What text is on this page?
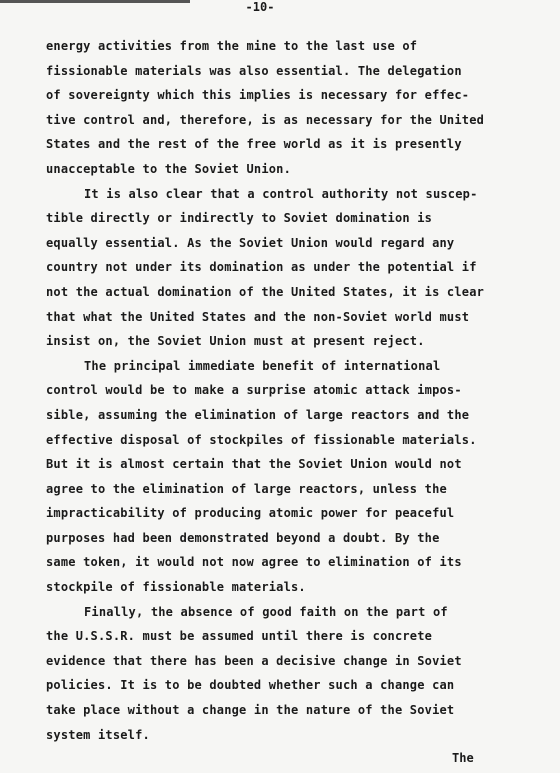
-10-
energy activities from the mine to the last use of
fissionable materials was also essential. The delegation
of sovereignty which this implies is necessary for effec-
tive control and, therefore, is as necessary for the United
States and the rest of the free world as it is presently
unacceptable to the Soviet Union.
It is also clear that a control authority not suscep-
tible directly or indirectly to Soviet domination is
equally essential. As the Soviet Union would regard any
country not under its domination as under the potential if
not the actual domination of the United States, it is clear
that what the United States and the non-Soviet world must
insist on, the Soviet Union must at present reject.
The principal immediate benefit of international
control would be to make a surprise atomic attack impos-
sible, assuming the elimination of large reactors and the
effective disposal of stockpiles of fissionable materials.
But it is almost certain that the Soviet Union would not
agree to the elimination of large reactors, unless the
impracticability of producing atomic power for peaceful
purposes had been demonstrated beyond a doubt. By the
same token, it would not now agree to elimination of its
stockpile of fissionable materials.
Finally, the absence of good faith on the part of
the U.S.S.R. must be assumed until there is concrete
evidence that there has been a decisive change in Soviet
policies. It is to be doubted whether such a change can
take place without a change in the nature of the Soviet
system itself.
The
